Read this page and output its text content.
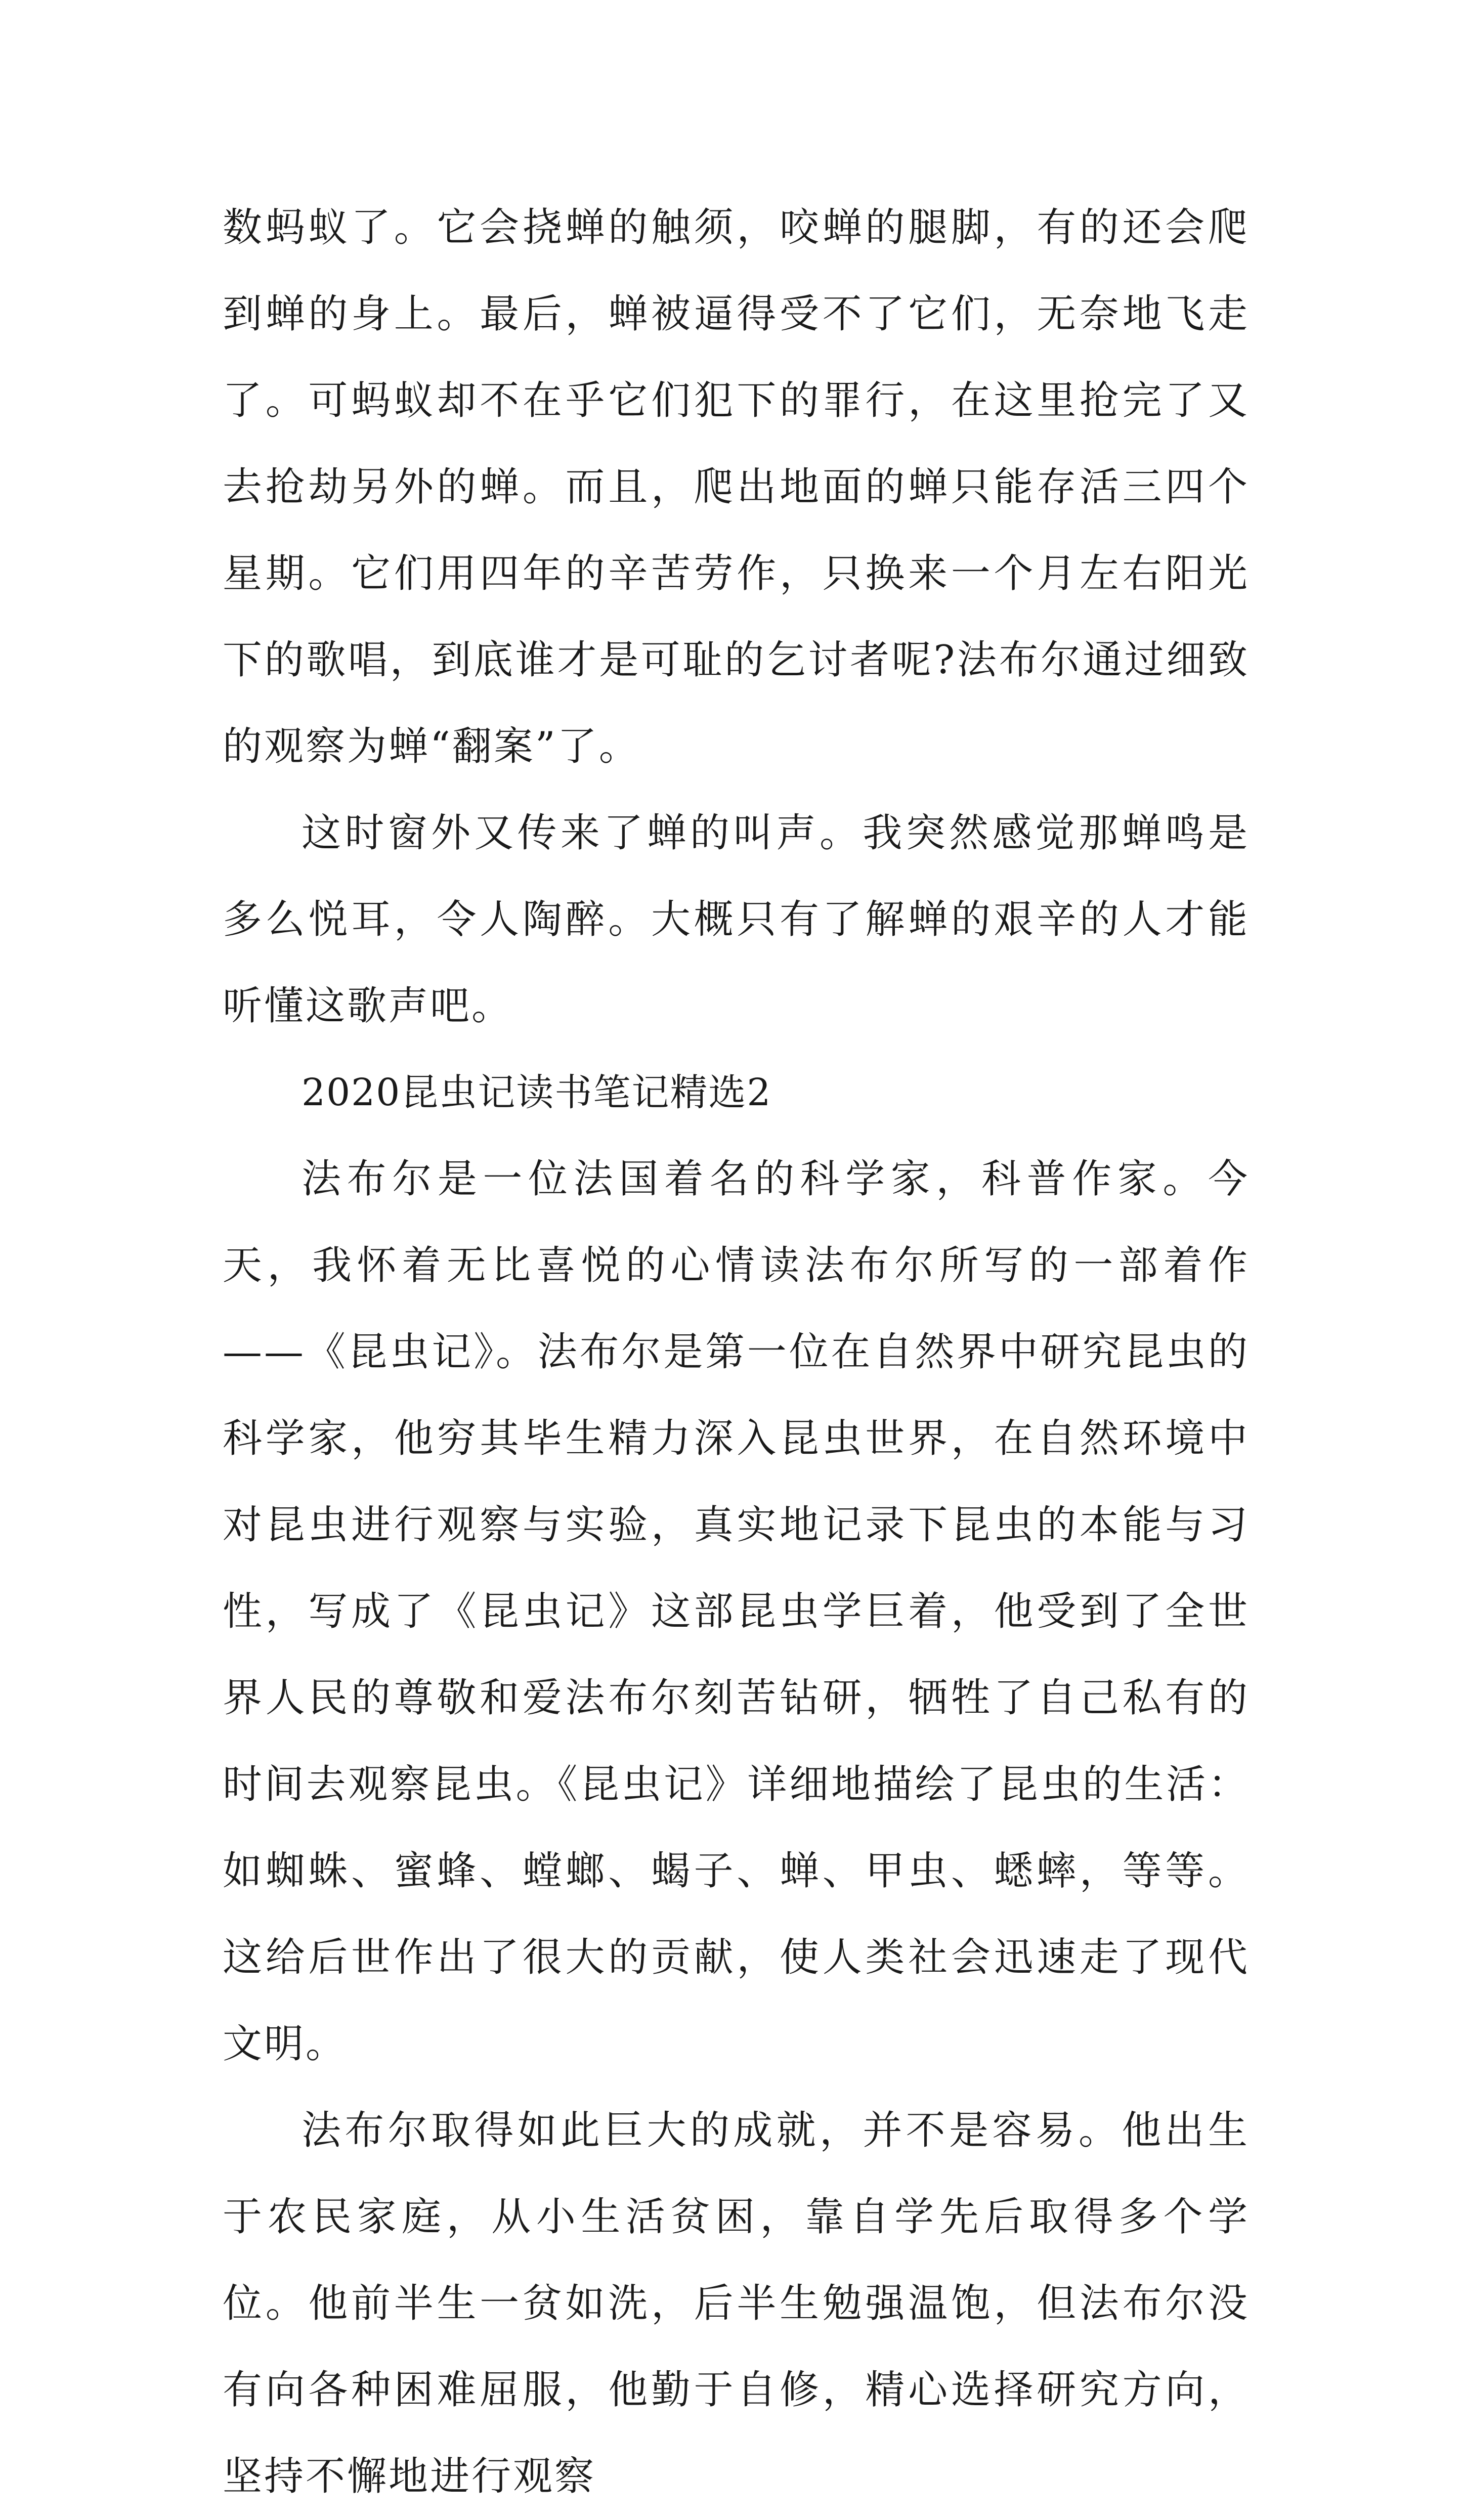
数蚂蚁了。它会挠蝉的触须，咬蝉的腿脚，有的还会爬到蝉的身上。最后，蝉被逼得受不了它们，无奈地飞走了。可蚂蚁却不在乎它们犯下的罪行，在这里抢完了又去抢劫另外的蝉。而且，爬出地面的蝉只能存活三四个星期。它们用四年的辛苦劳作，只换来一个月左右阳光下的歌唱，到底谁才是可耻的乞讨者呢?法布尔通过细致的观察为蝉“翻案”了。

这时窗外又传来了蝉的叫声。我突然感觉那蝉鸣是多么悦耳，令人陶醉。大概只有了解蝉的艰辛的人才能听懂这歌声吧。

2020昆虫记读书笔记精选2

法布尔是一位法国着名的科学家，科普作家。今天，我怀着无比喜悦的心情读法布尔所写的一部着作——《昆虫记》。法布尔是第一位在自然界中研究昆虫的科学家，他穷其毕生精力深入昆虫世界，在自然环境中对昆虫进行观察与实验，真实地记录下昆虫的本能与习性，写成了《昆虫记》这部昆虫学巨着，他受到了全世界人民的尊敬和爱法布尔刻苦钻研，牺牲了自己私有的时间去观察昆虫。《昆虫记》详细地描绘了昆虫的生活：如蜘蛛、蜜蜂、螳螂、蝎子、蝉、甲虫、蟋蟀，等等。这给后世作出了很大的贡献，使人类社会迅速走了现代文明。

法布尔取得如此巨大的成就，并不是容易。他出生于农民家庭，从小生活贫困，靠自学先后取得多个学位。他前半生一贫如洗，后半生勉强温饱，但法布尔没有向各种困难屈服，他勤于自修，精心选择研究方向，坚持不懈地进行观察
